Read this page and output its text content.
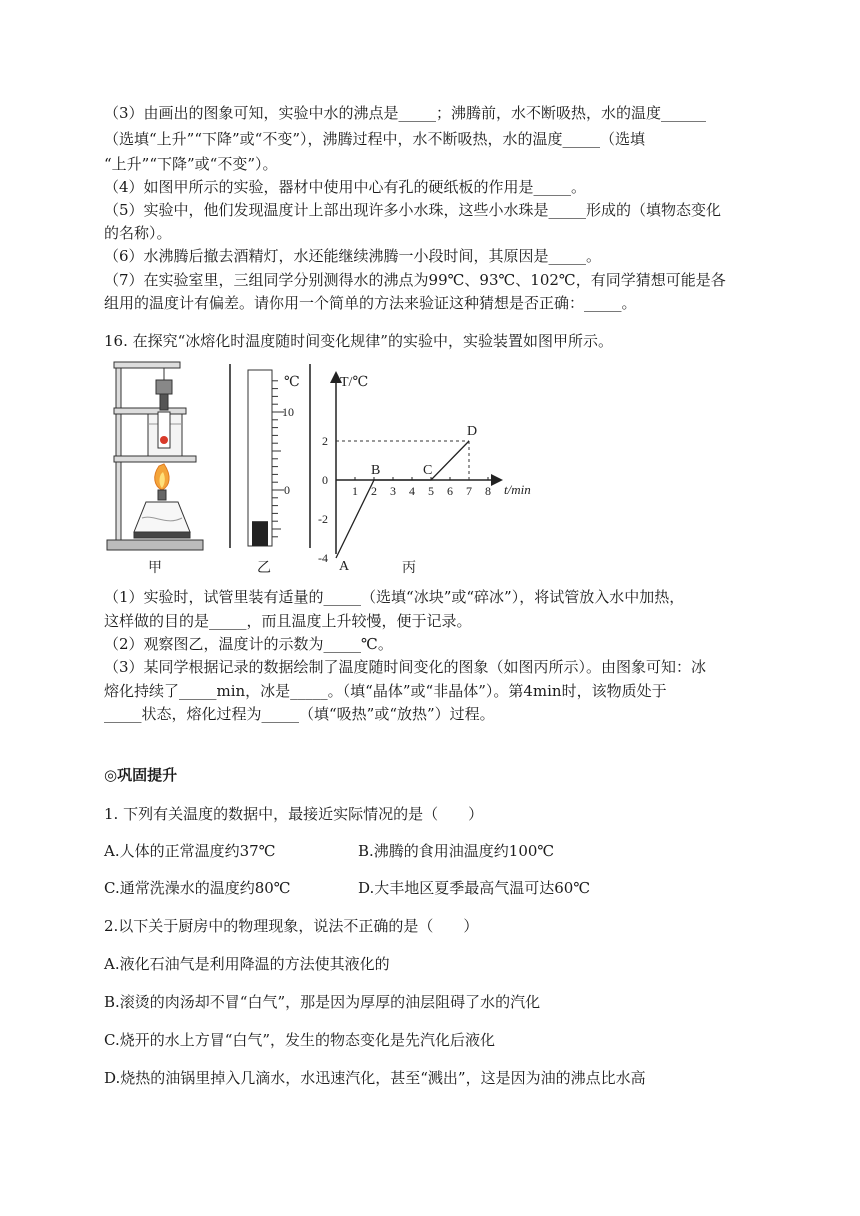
（3）由画出的图象可知，实验中水的沸点是_____；沸腾前，水不断吸热，水的温度______
（选填“上升”“下降”或“不变”），沸腾过程中，水不断吸热，水的温度_____（选填
“上升”“下降”或“不变”）。
（4）如图甲所示的实验，器材中使用中心有孔的硬纸板的作用是_____。
（5）实验中，他们发现温度计上部出现许多小水珠，这些小水珠是_____形成的（填物态变化
的名称）。
（6）水沸腾后撤去酒精灯，水还能继续沸腾一小段时间，其原因是_____。
（7）在实验室里，三组同学分别测得水的沸点为99℃、93℃、102℃，有同学猜想可能是各
组用的温度计有偏差。请你用一个简单的方法来验证这种猜想是否正确：_____。
16. 在探究“冰熔化时温度随时间变化规律”的实验中，实验装置如图甲所示。
甲
℃
10
0
乙
T/℃
t/min
1 2 3 4 5 6 7 8
2
0
-2
-4
A
B	C
D
丙
（1）实验时，试管里装有适量的_____（选填“冰块”或“碎冰”），将试管放入水中加热，
这样做的目的是_____，而且温度上升较慢，便于记录。
（2）观察图乙，温度计的示数为_____℃。
（3）某同学根据记录的数据绘制了温度随时间变化的图象（如图丙所示）。由图象可知：冰
熔化持续了_____min，冰是_____。（填“晶体”或“非晶体”）。第4min时，该物质处于
_____状态，熔化过程为_____（填“吸热”或“放热”）过程。
◎巩固提升
1. 下列有关温度的数据中，最接近实际情况的是（　　）
A.人体的正常温度约37℃	B.沸腾的食用油温度约100℃
C.通常洗澡水的温度约80℃	D.大丰地区夏季最高气温可达60℃
2.以下关于厨房中的物理现象，说法不正确的是（　　）
A.液化石油气是利用降温的方法使其液化的
B.滚烫的肉汤却不冒“白气”，那是因为厚厚的油层阻碍了水的汽化
C.烧开的水上方冒“白气”，发生的物态变化是先汽化后液化
D.烧热的油锅里掉入几滴水，水迅速汽化，甚至“溅出”，这是因为油的沸点比水高
